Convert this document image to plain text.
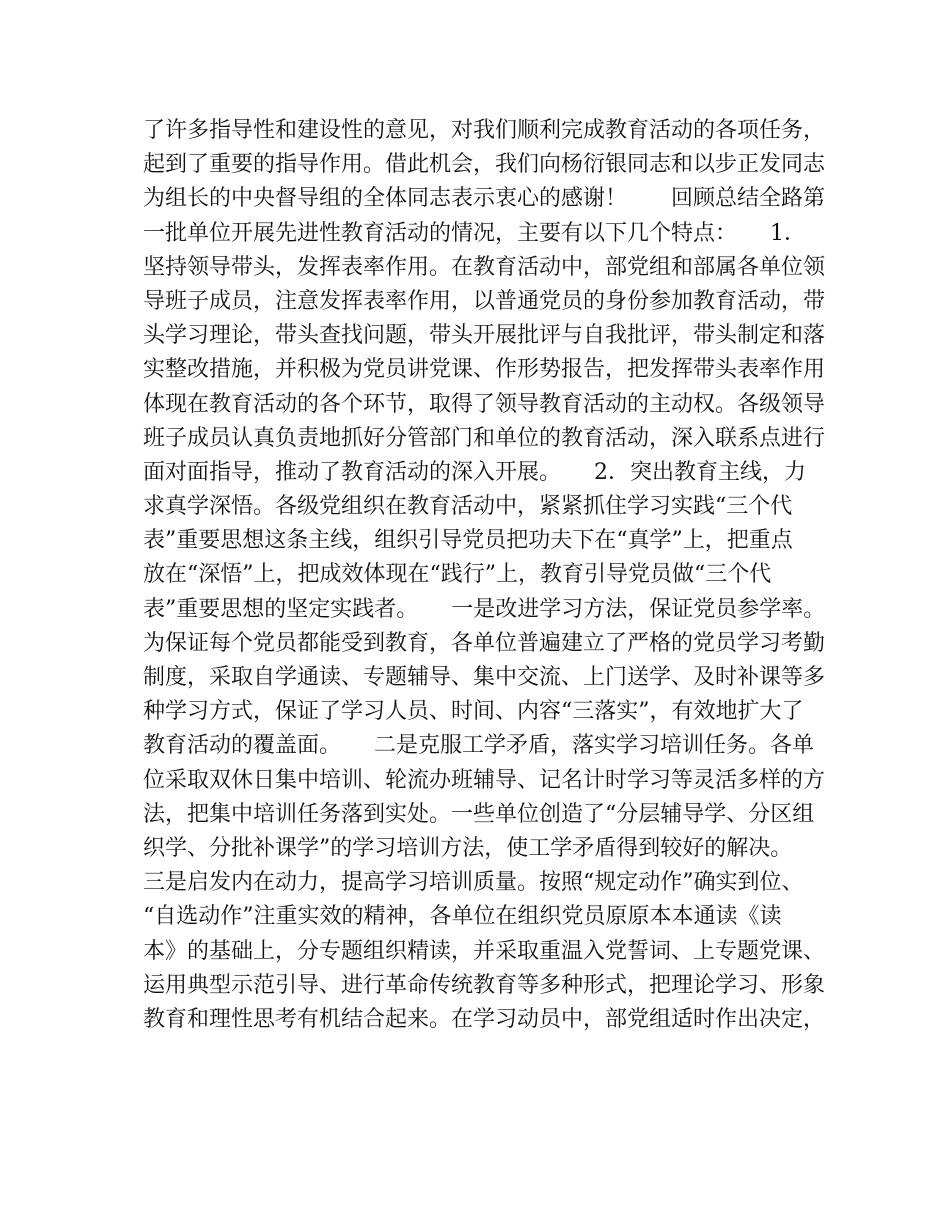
了许多指导性和建设性的意见，对我们顺利完成教育活动的各项任务，
起到了重要的指导作用。借此机会，我们向杨衍银同志和以步正发同志
为组长的中央督导组的全体同志表示衷心的感谢！　　回顾总结全路第
一批单位开展先进性教育活动的情况，主要有以下几个特点：　　1．
坚持领导带头，发挥表率作用。在教育活动中，部党组和部属各单位领
导班子成员，注意发挥表率作用，以普通党员的身份参加教育活动，带
头学习理论，带头查找问题，带头开展批评与自我批评，带头制定和落
实整改措施，并积极为党员讲党课、作形势报告，把发挥带头表率作用
体现在教育活动的各个环节，取得了领导教育活动的主动权。各级领导
班子成员认真负责地抓好分管部门和单位的教育活动，深入联系点进行
面对面指导，推动了教育活动的深入开展。　　2．突出教育主线，力
求真学深悟。各级党组织在教育活动中，紧紧抓住学习实践“三个代
表”重要思想这条主线，组织引导党员把功夫下在“真学”上，把重点
放在“深悟”上，把成效体现在“践行”上，教育引导党员做“三个代
表”重要思想的坚定实践者。　　一是改进学习方法，保证党员参学率。
为保证每个党员都能受到教育，各单位普遍建立了严格的党员学习考勤
制度，采取自学通读、专题辅导、集中交流、上门送学、及时补课等多
种学习方式，保证了学习人员、时间、内容“三落实”，有效地扩大了
教育活动的覆盖面。　　二是克服工学矛盾，落实学习培训任务。各单
位采取双休日集中培训、轮流办班辅导、记名计时学习等灵活多样的方
法，把集中培训任务落到实处。一些单位创造了“分层辅导学、分区组
织学、分批补课学”的学习培训方法，使工学矛盾得到较好的解决。
三是启发内在动力，提高学习培训质量。按照“规定动作”确实到位、
“自选动作”注重实效的精神，各单位在组织党员原原本本通读《读
本》的基础上，分专题组织精读，并采取重温入党誓词、上专题党课、
运用典型示范引导、进行革命传统教育等多种形式，把理论学习、形象
教育和理性思考有机结合起来。在学习动员中，部党组适时作出决定，
